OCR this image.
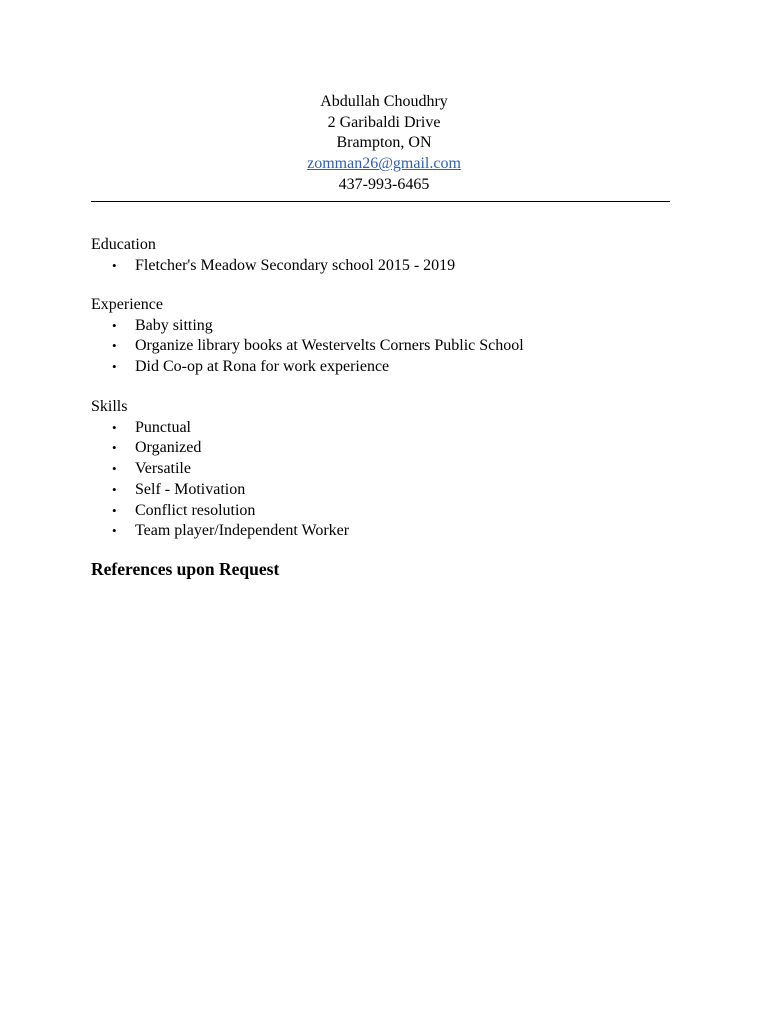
Abdullah Choudhry
2 Garibaldi Drive
Brampton, ON
zomman26@gmail.com
437-993-6465
Education
• Fletcher's Meadow Secondary school 2015 - 2019
Experience
• Baby sitting
• Organize library books at Westervelts Corners Public School
• Did Co-op at Rona for work experience
Skills
• Punctual
• Organized
• Versatile
• Self - Motivation
• Conflict resolution
• Team player/Independent Worker
References upon Request
